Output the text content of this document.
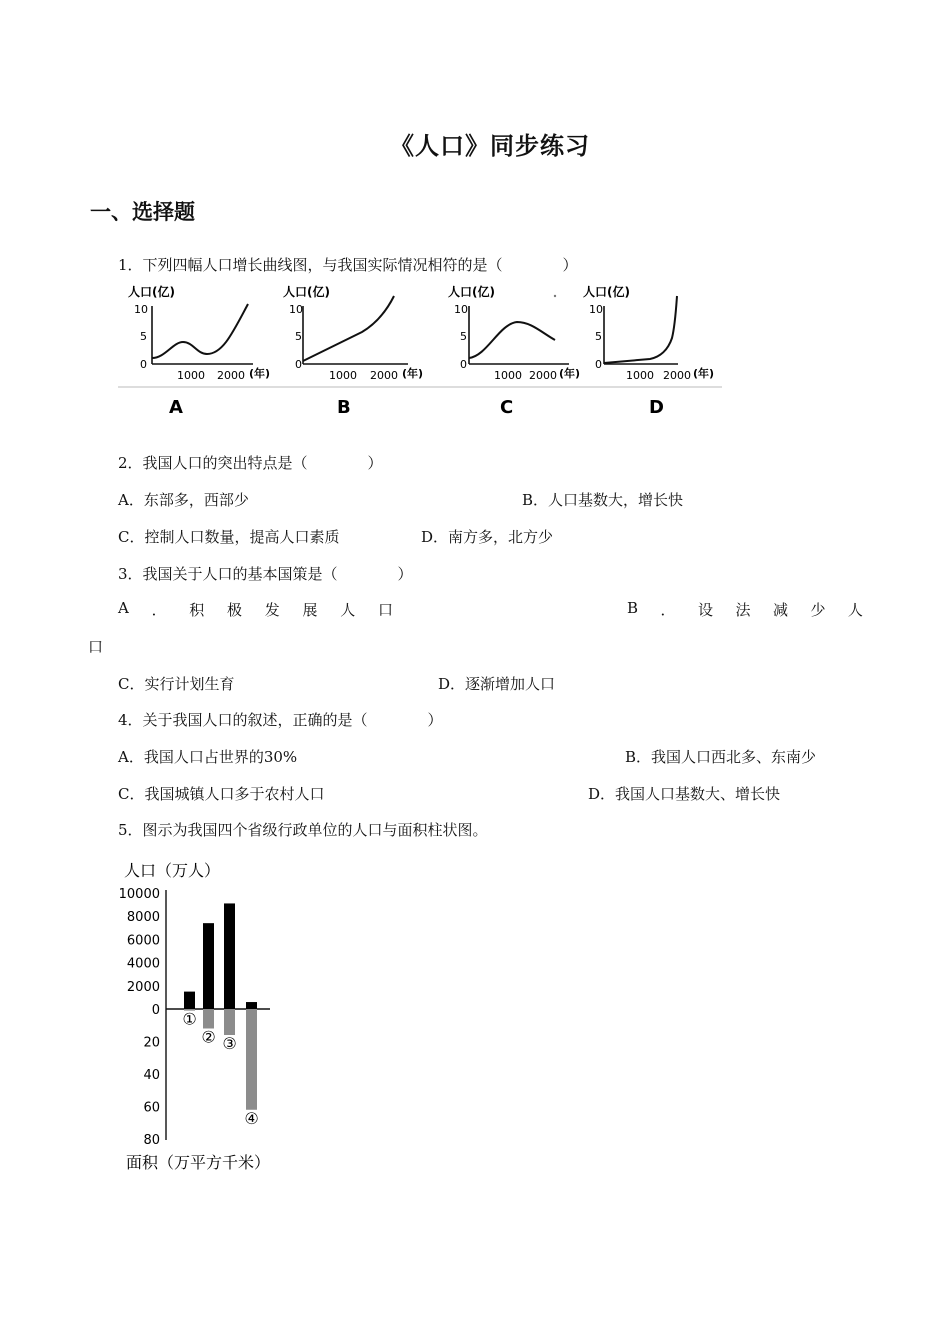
《人口》同步练习
一、选择题
1．下列四幅人口增长曲线图，与我国实际情况相符的是（　　　　）
人口(亿)
10
5
0
1000 2000 (年)
A
人口(亿)
10
5
0
1000 2000 (年)
B
人口(亿)
10
5
0
1000 2000 (年)
C
人口(亿)
10
5
0
1000 2000 (年)
D
2．我国人口的突出特点是（　　　　）
A．东部多，西部少	B．人口基数大，增长快
C．控制人口数量，提高人口素质	D．南方多，北方少
3．我国关于人口的基本国策是（　　　　）
A ． 积 极 发 展 人 口	B ． 设 法 减 少 人
口
C．实行计划生育	D．逐渐增加人口
4．关于我国人口的叙述，正确的是（　　　　）
A．我国人口占世界的30%	B．我国人口西北多、东南少
C．我国城镇人口多于农村人口	D．我国人口基数大、增长快
5．图示为我国四个省级行政单位的人口与面积柱状图。
人口（万人）
面积（万平方千米）
10000
8000
6000
4000
2000
0
20
40
60
80
①
② ③
④
